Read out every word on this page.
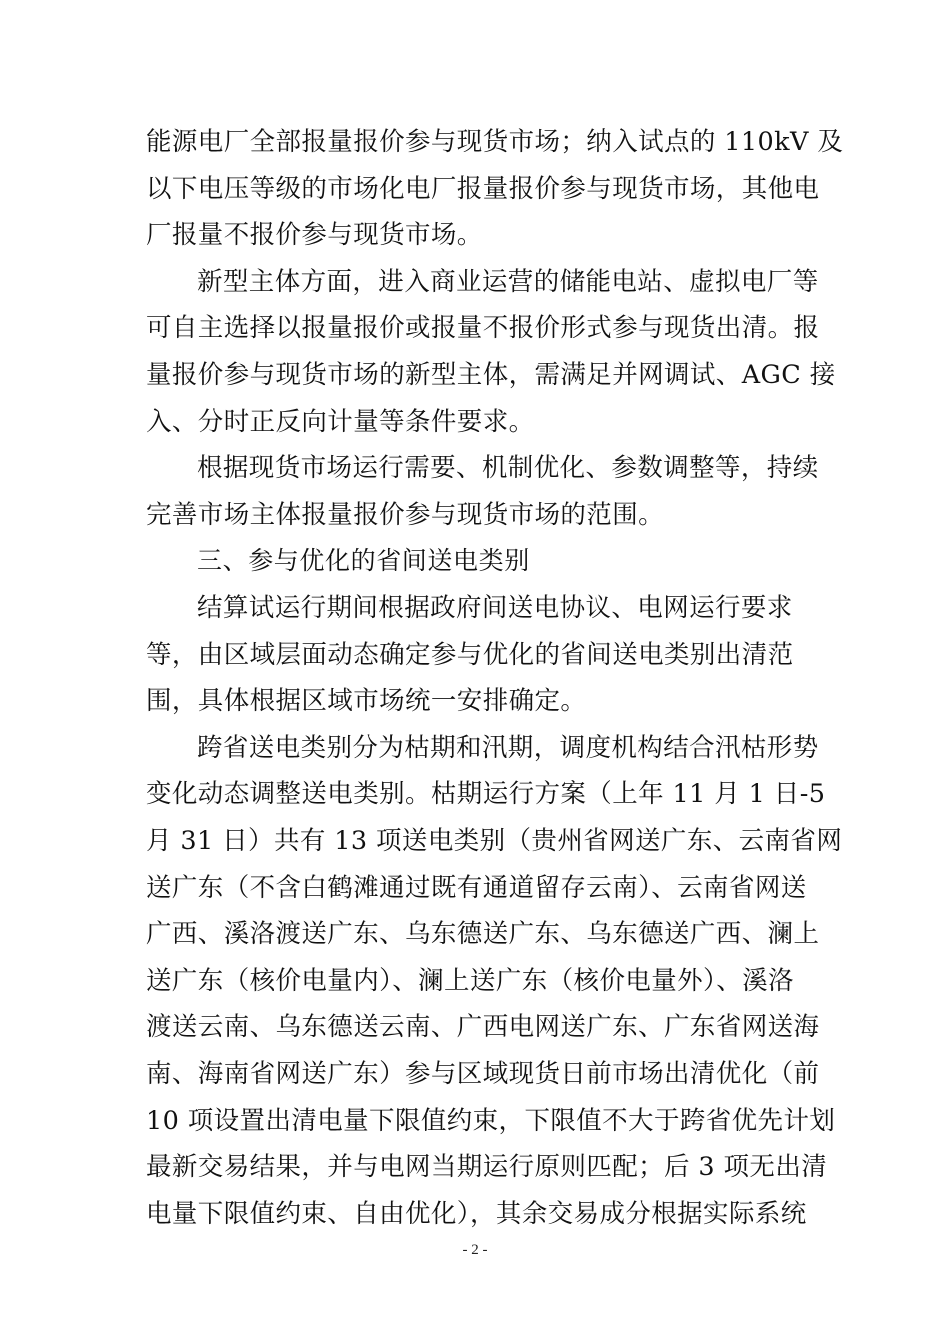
能源电厂全部报量报价参与现货市场；纳入试点的 110kV 及
以下电压等级的市场化电厂报量报价参与现货市场，其他电
厂报量不报价参与现货市场。
新型主体方面，进入商业运营的储能电站、虚拟电厂等
可自主选择以报量报价或报量不报价形式参与现货出清。报
量报价参与现货市场的新型主体，需满足并网调试、AGC 接
入、分时正反向计量等条件要求。
根据现货市场运行需要、机制优化、参数调整等，持续
完善市场主体报量报价参与现货市场的范围。
三、参与优化的省间送电类别
结算试运行期间根据政府间送电协议、电网运行要求
等，由区域层面动态确定参与优化的省间送电类别出清范
围，具体根据区域市场统一安排确定。
跨省送电类别分为枯期和汛期，调度机构结合汛枯形势
变化动态调整送电类别。枯期运行方案（上年 11 月 1 日-5
月 31 日）共有 13 项送电类别（贵州省网送广东、云南省网
送广东（不含白鹤滩通过既有通道留存云南）、云南省网送
广西、溪洛渡送广东、乌东德送广东、乌东德送广西、澜上
送广东（核价电量内）、澜上送广东（核价电量外）、溪洛
渡送云南、乌东德送云南、广西电网送广东、广东省网送海
南、海南省网送广东）参与区域现货日前市场出清优化（前
10 项设置出清电量下限值约束，下限值不大于跨省优先计划
最新交易结果，并与电网当期运行原则匹配；后 3 项无出清
电量下限值约束、自由优化），其余交易成分根据实际系统
- 2 -
